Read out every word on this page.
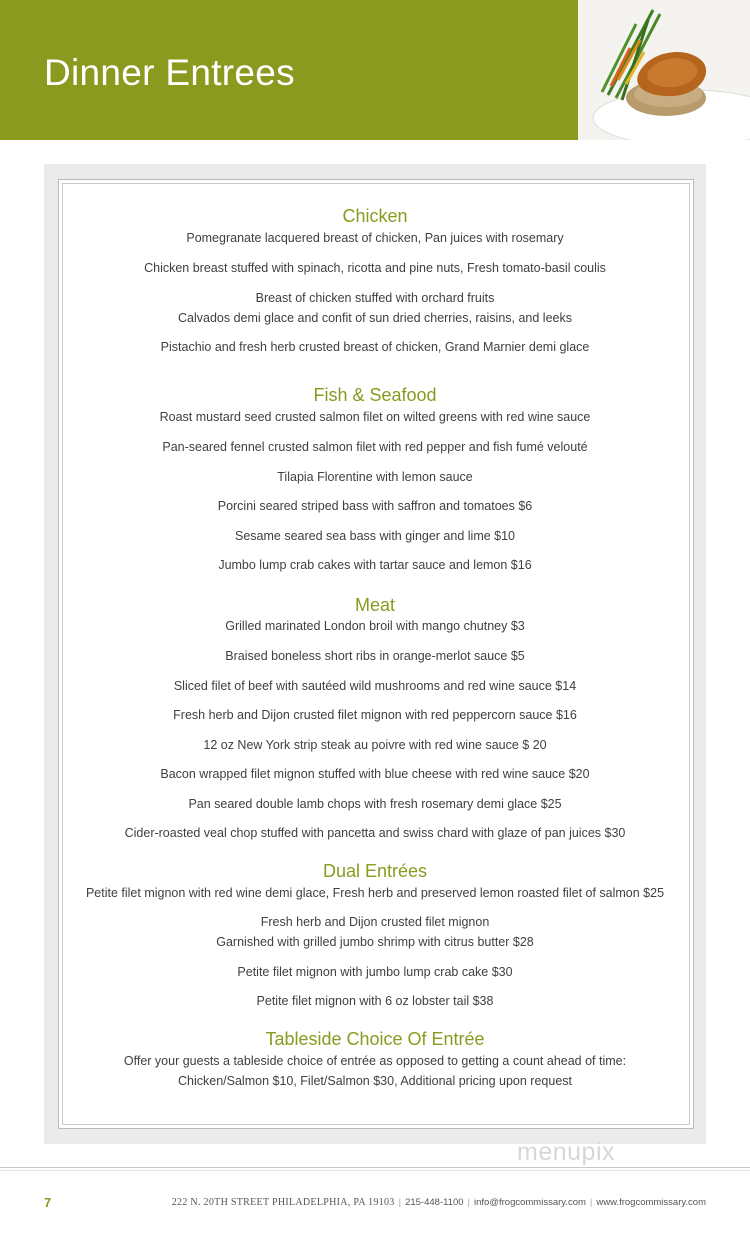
Dinner Entrees
Chicken
Pomegranate lacquered breast of chicken, Pan juices with rosemary
Chicken breast stuffed with spinach, ricotta and pine nuts, Fresh tomato-basil coulis
Breast of chicken stuffed with orchard fruits
Calvados demi glace and confit of sun dried cherries, raisins, and leeks
Pistachio and fresh herb crusted breast of chicken, Grand Marnier demi glace
Fish & Seafood
Roast mustard seed crusted salmon filet on wilted greens with red wine sauce
Pan-seared fennel crusted salmon filet with red pepper and fish fumé velouté
Tilapia Florentine with lemon sauce
Porcini seared striped bass with saffron and tomatoes $6
Sesame seared sea bass with ginger and lime $10
Jumbo lump crab cakes with tartar sauce and lemon $16
Meat
Grilled marinated London broil with mango chutney $3
Braised boneless short ribs in orange-merlot sauce $5
Sliced filet of beef with sautéed wild mushrooms and red wine sauce $14
Fresh herb and Dijon crusted filet mignon with red peppercorn sauce $16
12 oz New York strip steak au poivre with red wine sauce $ 20
Bacon wrapped filet mignon stuffed with blue cheese with red wine sauce $20
Pan seared double lamb chops with fresh rosemary demi glace $25
Cider-roasted veal chop stuffed with pancetta and swiss chard with glaze of pan juices $30
Dual Entrées
Petite filet mignon with red wine demi glace, Fresh herb and preserved lemon roasted filet of salmon $25
Fresh herb and Dijon crusted filet mignon
Garnished with grilled jumbo shrimp with citrus butter $28
Petite filet mignon with jumbo lump crab cake $30
Petite filet mignon with 6 oz lobster tail $38
Tableside Choice Of Entrée
Offer your guests a tableside choice of entrée as opposed to getting a count ahead of time:
Chicken/Salmon $10, Filet/Salmon $30, Additional pricing upon request
menupix
7	222 N. 20TH STREET PHILADELPHIA, PA 19103 | 215-448-1100 | info@frogcommissary.com | www.frogcommissary.com
